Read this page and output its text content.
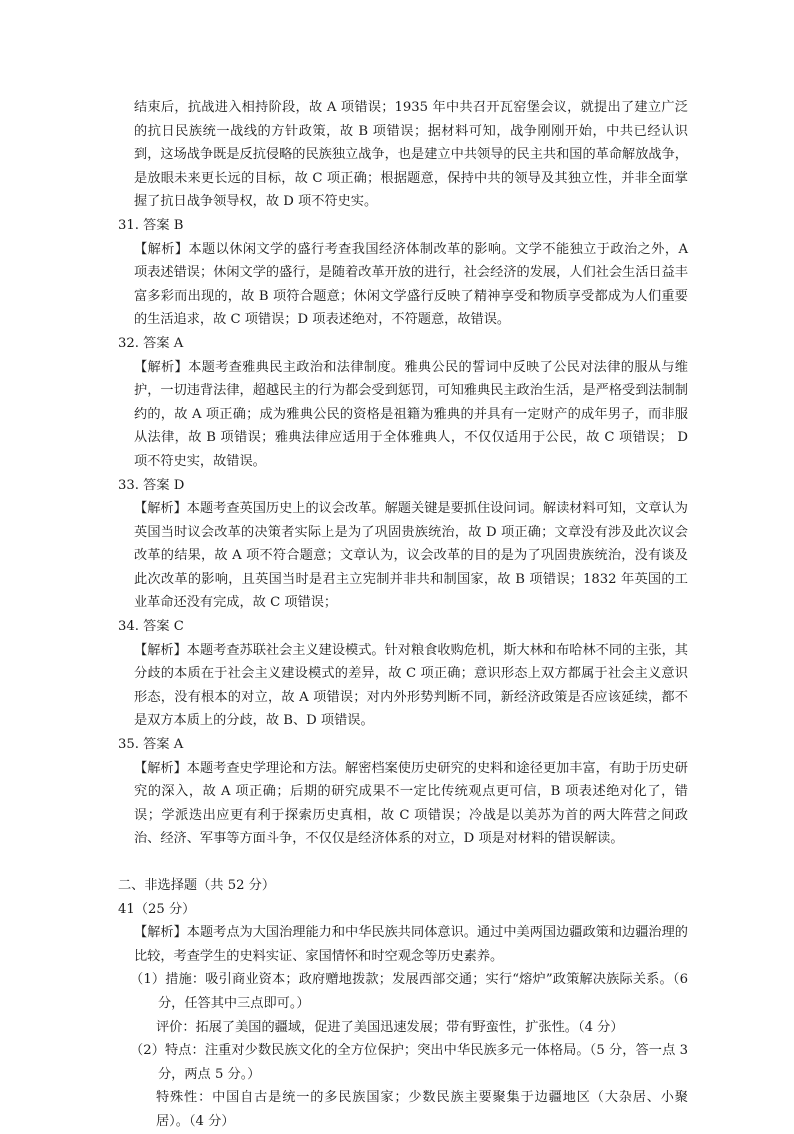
结束后，抗战进入相持阶段，故 A 项错误；1935 年中共召开瓦窑堡会议，就提出了建立广泛的抗日民族统一战线的方针政策，故 B 项错误；据材料可知，战争刚刚开始，中共已经认识到，这场战争既是反抗侵略的民族独立战争，也是建立中共领导的民主共和国的革命解放战争，是放眼未来更长远的目标，故 C 项正确；根据题意，保持中共的领导及其独立性，并非全面掌握了抗日战争领导权，故 D 项不符史实。

31. 答案 B

【解析】本题以休闲文学的盛行考查我国经济体制改革的影响。文学不能独立于政治之外，A 项表述错误；休闲文学的盛行，是随着改革开放的进行，社会经济的发展，人们社会生活日益丰富多彩而出现的，故 B 项符合题意；休闲文学盛行反映了精神享受和物质享受都成为人们重要的生活追求，故 C 项错误；D 项表述绝对，不符题意，故错误。

32. 答案 A

【解析】本题考查雅典民主政治和法律制度。雅典公民的誓词中反映了公民对法律的服从与维护，一切违背法律，超越民主的行为都会受到惩罚，可知雅典民主政治生活，是严格受到法制制约的，故 A 项正确；成为雅典公民的资格是祖籍为雅典的并具有一定财产的成年男子，而非服从法律，故 B 项错误；雅典法律应适用于全体雅典人，不仅仅适用于公民，故 C 项错误； D 项不符史实，故错误。

33. 答案 D

【解析】本题考查英国历史上的议会改革。解题关键是要抓住设问词。解读材料可知，文章认为英国当时议会改革的决策者实际上是为了巩固贵族统治，故 D 项正确；文章没有涉及此次议会改革的结果，故 A 项不符合题意；文章认为，议会改革的目的是为了巩固贵族统治，没有谈及此次改革的影响，且英国当时是君主立宪制并非共和制国家，故 B 项错误；1832 年英国的工业革命还没有完成，故 C 项错误；

34. 答案 C

【解析】本题考查苏联社会主义建设模式。针对粮食收购危机，斯大林和布哈林不同的主张，其分歧的本质在于社会主义建设模式的差异，故 C 项正确；意识形态上双方都属于社会主义意识形态，没有根本的对立，故 A 项错误；对内外形势判断不同，新经济政策是否应该延续，都不是双方本质上的分歧，故 B、D 项错误。

35. 答案 A

【解析】本题考查史学理论和方法。解密档案使历史研究的史料和途径更加丰富，有助于历史研究的深入，故 A 项正确；后期的研究成果不一定比传统观点更可信，B 项表述绝对化了，错误；学派迭出应更有利于探索历史真相，故 C 项错误；冷战是以美苏为首的两大阵营之间政治、经济、军事等方面斗争，不仅仅是经济体系的对立，D 项是对材料的错误解读。

二、非选择题（共 52 分）

41（25 分）

【解析】本题考点为大国治理能力和中华民族共同体意识。通过中美两国边疆政策和边疆治理的比较，考查学生的史料实证、家国情怀和时空观念等历史素养。

（1）措施：吸引商业资本；政府赠地拨款；发展西部交通；实行“熔炉”政策解决族际关系。（6 分，任答其中三点即可。）

评价：拓展了美国的疆域，促进了美国迅速发展；带有野蛮性，扩张性。（4 分）

（2）特点：注重对少数民族文化的全方位保护；突出中华民族多元一体格局。（5 分，答一点 3 分，两点 5 分。）

特殊性：中国自古是统一的多民族国家；少数民族主要聚集于边疆地区（大杂居、小聚居）。（4 分）
